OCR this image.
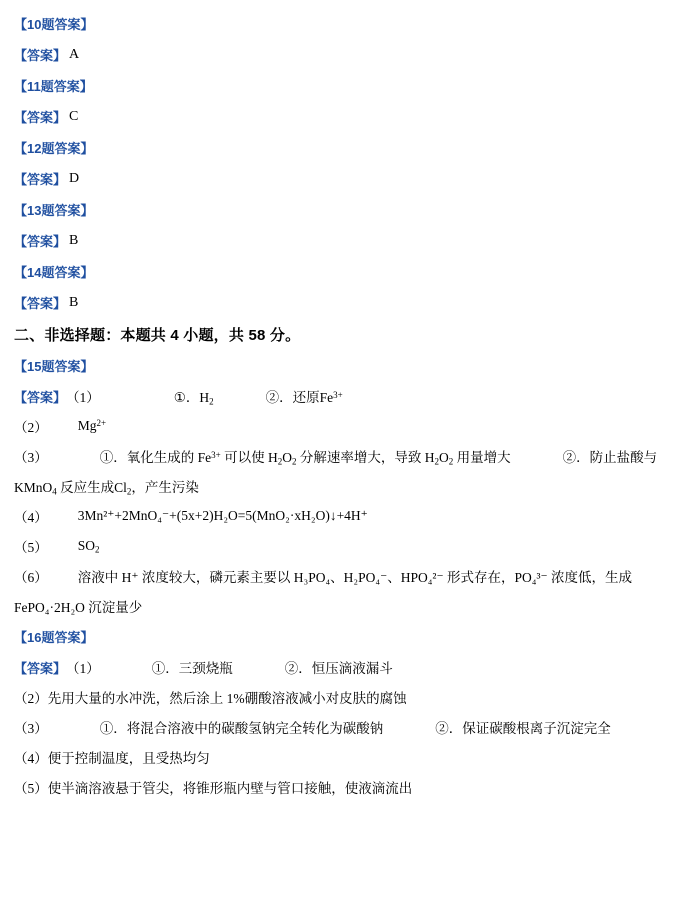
【10题答案】
【答案】 A
【11题答案】
【答案】 C
【12题答案】
【答案】 D
【13题答案】
【答案】 B
【14题答案】
【答案】 B
二、非选择题：本题共 4 小题，共 58 分。
【15题答案】
【答案】 （1）	①．$H_2$	②．还原$Fe^{3+}$
（2） $Mg^{2+}$
（3）	①．氧化生成的 $Fe^{3+}$ 可以使 $H_2O_2$ 分解速率增大，导致 $H_2O_2$ 用量增大	②．防止盐酸与
KMnO$_4$ 反应生成$Cl_2$，产生污染
（4） 3Mn²⁺+2MnO₄⁻+(5x+2)H₂O=5(MnO₂·xH₂O)↓+4H⁺
（5） $SO_2$
（6） 溶液中 H⁺ 浓度较大，磷元素主要以 H₃PO₄、H₂PO₄⁻、HPO₄²⁻ 形式存在，PO₄³⁻ 浓度低，生成
FePO₄·2H₂O 沉淀量少
【16题答案】
【答案】 （1）	①．三颈烧瓶	②．恒压滴液漏斗
（2） 先用大量的水冲洗，然后涂上 1%硼酸溶液减小对皮肤的腐蚀
（3）	①．将混合溶液中的碳酸氢钠完全转化为碳酸钠	②．保证碳酸根离子沉淀完全
（4） 便于控制温度，且受热均匀
（5） 使半滴溶液悬于管尖，将锥形瓶内壁与管口接触，使液滴流出
